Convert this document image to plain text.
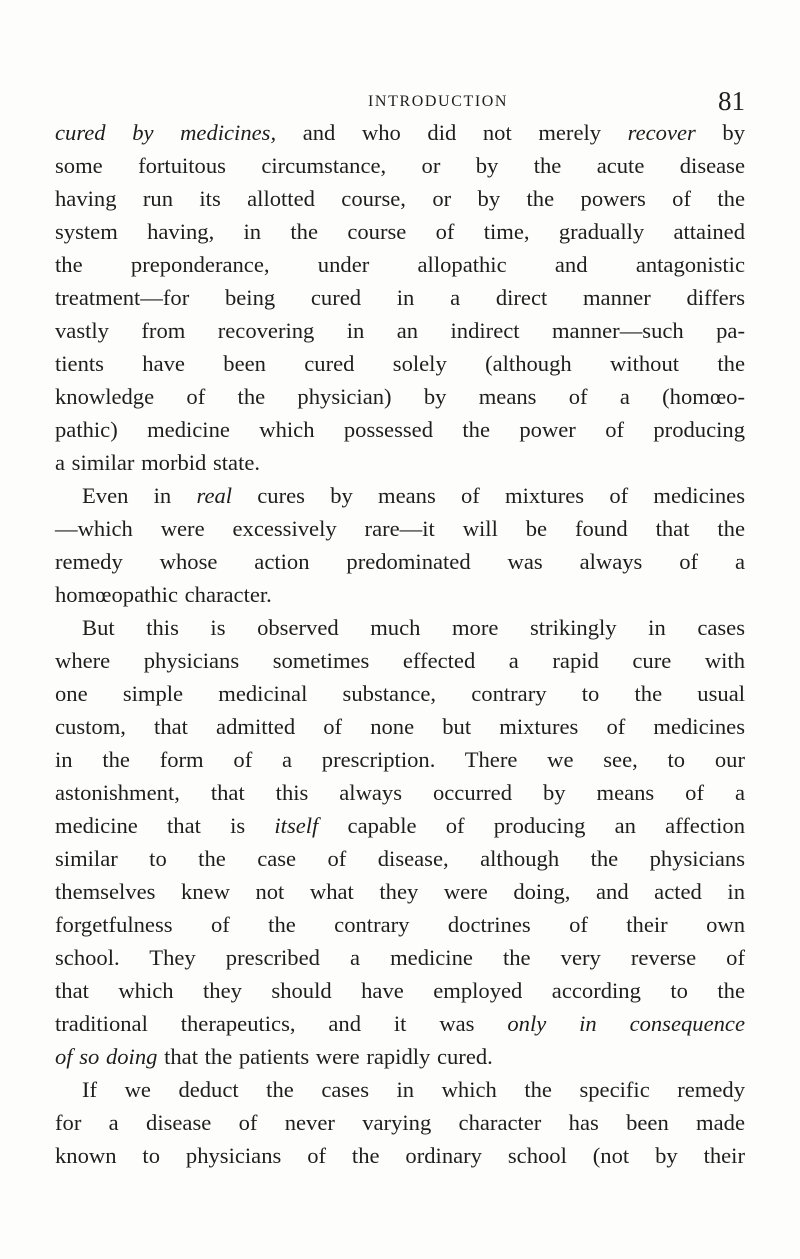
INTRODUCTION	81
cured by medicines, and who did not merely recover by
some fortuitous circumstance, or by the acute disease
having run its allotted course, or by the powers of the
system having, in the course of time, gradually attained
the preponderance, under allopathic and antagonistic
treatment—for being cured in a direct manner differs
vastly from recovering in an indirect manner—such pa-
tients have been cured solely (although without the
knowledge of the physician) by means of a (homœo-
pathic) medicine which possessed the power of producing
a similar morbid state.
Even in real cures by means of mixtures of medicines
—which were excessively rare—it will be found that the
remedy whose action predominated was always of a
homœopathic character.
But this is observed much more strikingly in cases
where physicians sometimes effected a rapid cure with
one simple medicinal substance, contrary to the usual
custom, that admitted of none but mixtures of medicines
in the form of a prescription. There we see, to our
astonishment, that this always occurred by means of a
medicine that is itself capable of producing an affection
similar to the case of disease, although the physicians
themselves knew not what they were doing, and acted in
forgetfulness of the contrary doctrines of their own
school. They prescribed a medicine the very reverse of
that which they should have employed according to the
traditional therapeutics, and it was only in consequence
of so doing that the patients were rapidly cured.
If we deduct the cases in which the specific remedy
for a disease of never varying character has been made
known to physicians of the ordinary school (not by their
